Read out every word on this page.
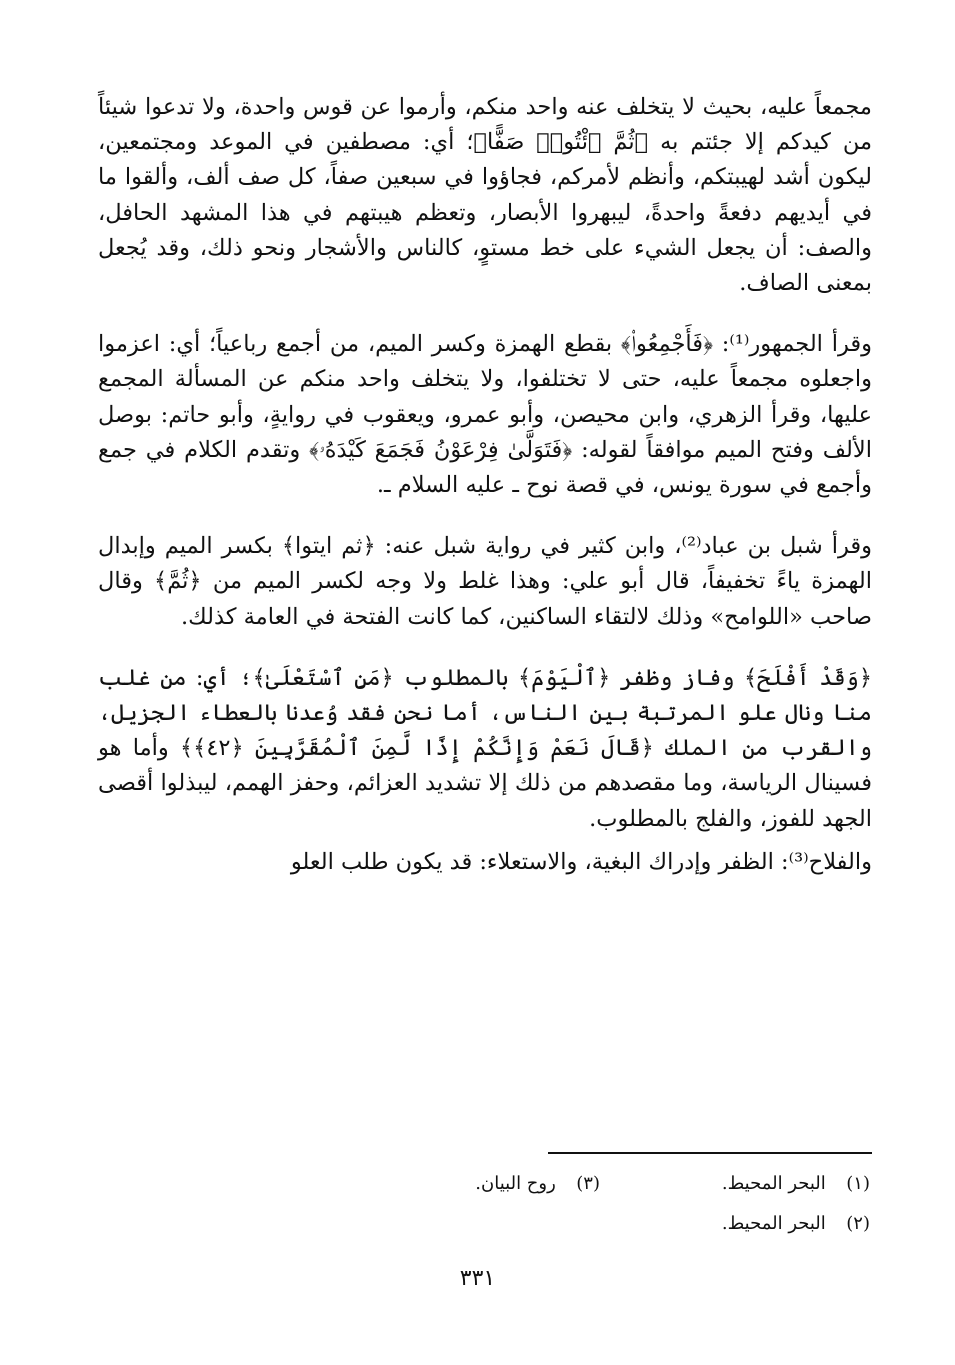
مجمعاً عليه، بحيث لا يتخلف عنه واحد منكم، وأرموا عن قوس واحدة، ولا تدعوا شيئاً من كيدكم إلا جئتم به ﴿ثُمَّ ٱئْتُوا۟ صَفًّا﴾؛ أي: مصطفين في الموعد ومجتمعين، ليكون أشد لهيبتكم، وأنظم لأمركم، فجاؤوا في سبعين صفاً، كل صف ألف، وألقوا ما في أيديهم دفعةً واحدةً، ليبهروا الأبصار، وتعظم هيبتهم في هذا المشهد الحافل، والصف: أن يجعل الشيء على خط مستوٍ، كالناس والأشجار ونحو ذلك، وقد يُجعل بمعنى الصاف.

وقرأ الجمهور⁽¹⁾: ﴿فَأَجْمِعُوا۟﴾ بقطع الهمزة وكسر الميم، من أجمع رباعياً؛ أي: اعزموا واجعلوه مجمعاً عليه، حتى لا تختلفوا، ولا يتخلف واحد منكم عن المسألة المجمع عليها، وقرأ الزهري، وابن محيصن، وأبو عمرو، ويعقوب في روايةٍ، وأبو حاتم: بوصل الألف وفتح الميم موافقاً لقوله: ﴿فَتَوَلَّىٰ فِرْعَوْنُ فَجَمَعَ كَيْدَهُۥ﴾ وتقدم الكلام في جمع وأجمع في سورة يونس، في قصة نوح ـ عليه السلام ـ.

وقرأ شبل بن عباد⁽²⁾، وابن كثير في رواية شبل عنه: ﴿ثم ايتوا﴾ بكسر الميم وإبدال الهمزة ياءً تخفيفاً، قال أبو علي: وهذا غلط ولا وجه لكسر الميم من ﴿ثُمَّ﴾ وقال صاحب «اللوامح» وذلك لالتقاء الساكنين، كما كانت الفتحة في العامة كذلك.

﴿وَقَدْ أَفْلَحَ﴾ وفاز وظفر ﴿ٱلْيَوْمَ﴾ بالمطلوب ﴿مَنِ ٱسْتَعْلَىٰ﴾؛ أي: من غلب منا ونال علو المرتبة بين الناس، أما نحن فقد وُعدنا بالعطاء الجزيل، والقرب من الملك ﴿قَالَ نَعَمْ وَإِنَّكُمْ إِذًا لَّمِنَ ٱلْمُقَرَّبِينَ ﴿٤٢﴾﴾ وأما هو فسينال الرياسة، وما مقصدهم من ذلك إلا تشديد العزائم، وحفز الهمم، ليبذلوا أقصى الجهد للفوز، والفلج بالمطلوب.

والفلاح⁽³⁾: الظفر وإدراك البغية، والاستعلاء: قد يكون طلب العلو

(١)   البحر المحيط.
(٣)   روح البيان.
(٢)   البحر المحيط.
٣٣١
